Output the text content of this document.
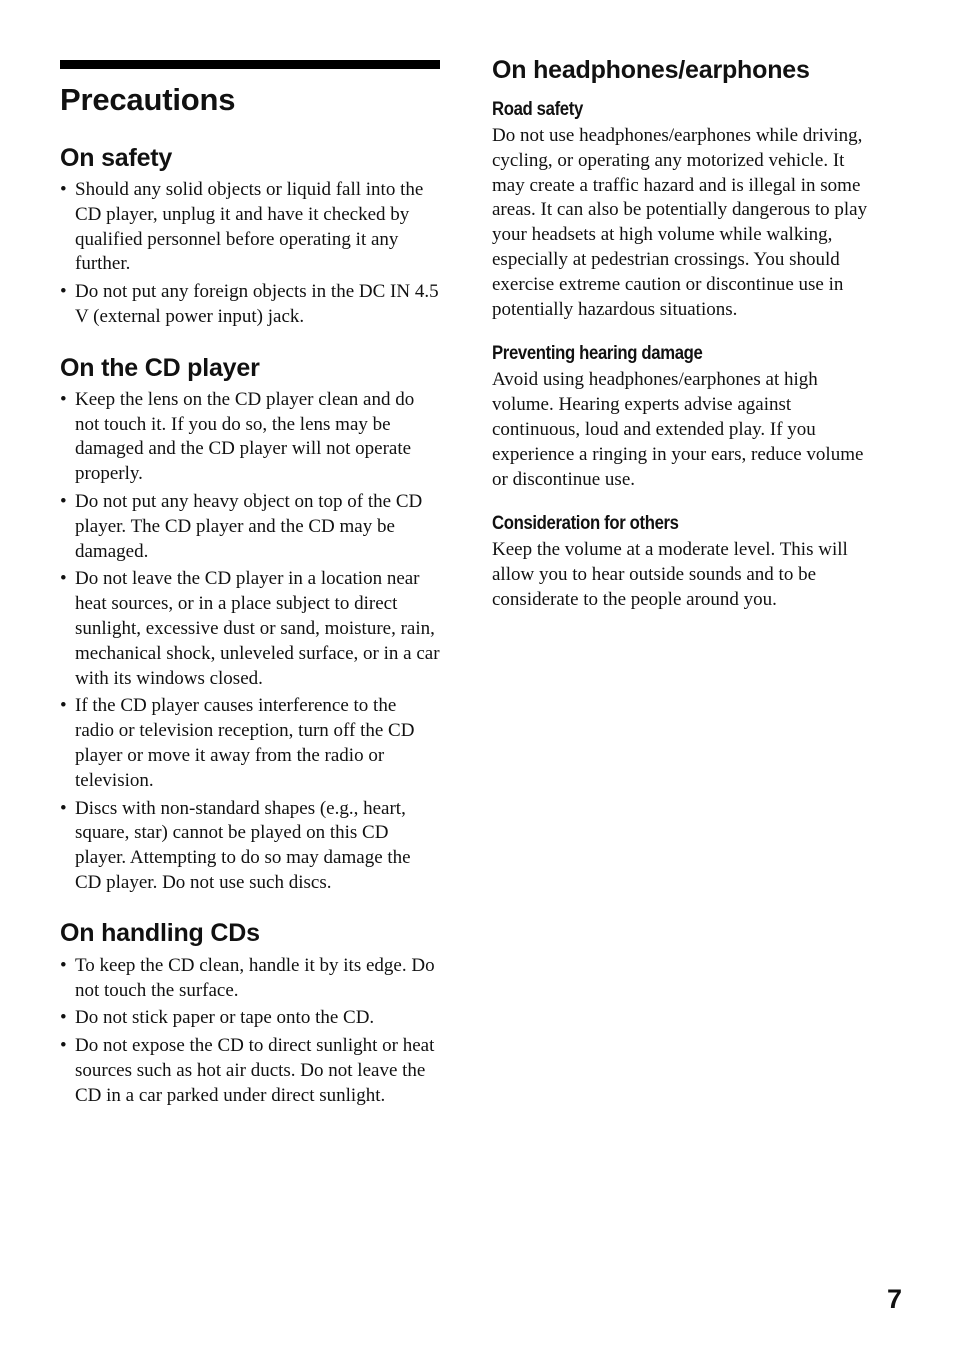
Precautions
On safety
• Should any solid objects or liquid fall into the CD player, unplug it and have it checked by qualified personnel before operating it any further.
• Do not put any foreign objects in the DC IN 4.5 V (external power input) jack.
On the CD player
• Keep the lens on the CD player clean and do not touch it. If you do so, the lens may be damaged and the CD player will not operate properly.
• Do not put any heavy object on top of the CD player. The CD player and the CD may be damaged.
• Do not leave the CD player in a location near heat sources, or in a place subject to direct sunlight, excessive dust or sand, moisture, rain, mechanical shock, unleveled surface, or in a car with its windows closed.
• If the CD player causes interference to the radio or television reception, turn off the CD player or move it away from the radio or television.
• Discs with non-standard shapes (e.g., heart, square, star) cannot be played on this CD player. Attempting to do so may damage the CD player. Do not use such discs.
On handling CDs
• To keep the CD clean, handle it by its edge. Do not touch the surface.
• Do not stick paper or tape onto the CD.
• Do not expose the CD to direct sunlight or heat sources such as hot air ducts. Do not leave the CD in a car parked under direct sunlight.
On headphones/earphones
Road safety

Do not use headphones/earphones while driving, cycling, or operating any motorized vehicle. It may create a traffic hazard and is illegal in some areas. It can also be potentially dangerous to play your headsets at high volume while walking, especially at pedestrian crossings. You should exercise extreme caution or discontinue use in potentially hazardous situations.

Preventing hearing damage

Avoid using headphones/earphones at high volume. Hearing experts advise against continuous, loud and extended play. If you experience a ringing in your ears, reduce volume or discontinue use.

Consideration for others

Keep the volume at a moderate level. This will allow you to hear outside sounds and to be considerate to the people around you.

7
